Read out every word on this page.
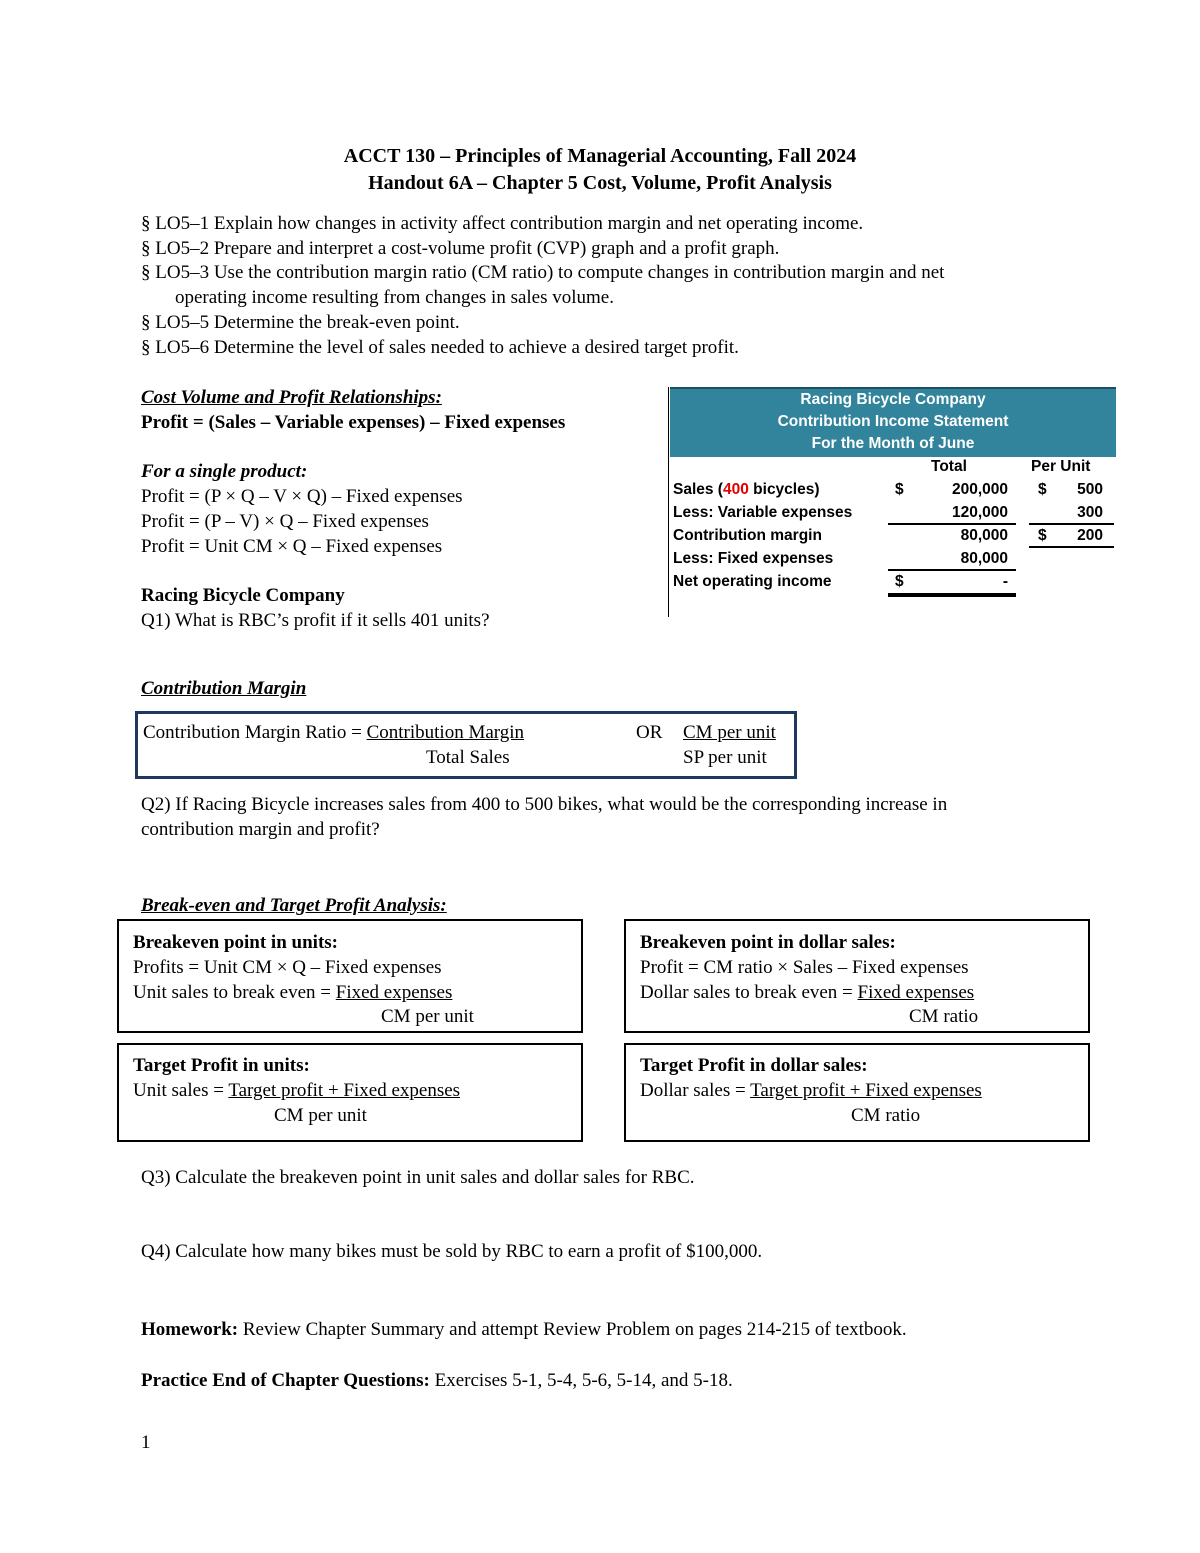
ACCT 130 – Principles of Managerial Accounting, Fall 2024
Handout 6A – Chapter 5 Cost, Volume, Profit Analysis
§ LO5–1 Explain how changes in activity affect contribution margin and net operating income.
§ LO5–2 Prepare and interpret a cost-volume profit (CVP) graph and a profit graph.
§ LO5–3 Use the contribution margin ratio (CM ratio) to compute changes in contribution margin and net
operating income resulting from changes in sales volume.
§ LO5–5 Determine the break-even point.
§ LO5–6 Determine the level of sales needed to achieve a desired target profit.
Cost Volume and Profit Relationships:
Profit = (Sales – Variable expenses) – Fixed expenses
For a single product:
Profit = (P × Q – V × Q) – Fixed expenses
Profit = (P – V) × Q – Fixed expenses
Profit = Unit CM × Q – Fixed expenses
Racing Bicycle Company
Q1) What is RBC’s profit if it sells 401 units?
Racing Bicycle Company
Contribution Income Statement
For the Month of June
Total	Per Unit
Sales (400 bicycles)	$	200,000 $	500
Less: Variable expenses	120,000	300
Contribution margin	80,000 $	200
Less: Fixed expenses	80,000
Net operating income	$	-
Contribution Margin
Contribution Margin Ratio = Contribution Margin
Total Sales
OR CM per unit
SP per unit
Q2) If Racing Bicycle increases sales from 400 to 500 bikes, what would be the corresponding increase in
contribution margin and profit?
Break-even and Target Profit Analysis:
Breakeven point in units:
Profits = Unit CM × Q – Fixed expenses
Unit sales to break even = Fixed expenses
CM per unit
Breakeven point in dollar sales:
Profit = CM ratio × Sales – Fixed expenses
Dollar sales to break even = Fixed expenses
CM ratio
Target Profit in units:
Unit sales = Target profit + Fixed expenses
CM per unit
Target Profit in dollar sales:
Dollar sales = Target profit + Fixed expenses
CM ratio
Q3) Calculate the breakeven point in unit sales and dollar sales for RBC.
Q4) Calculate how many bikes must be sold by RBC to earn a profit of $100,000.
Homework: Review Chapter Summary and attempt Review Problem on pages 214-215 of textbook.
Practice End of Chapter Questions: Exercises 5-1, 5-4, 5-6, 5-14, and 5-18.
1
